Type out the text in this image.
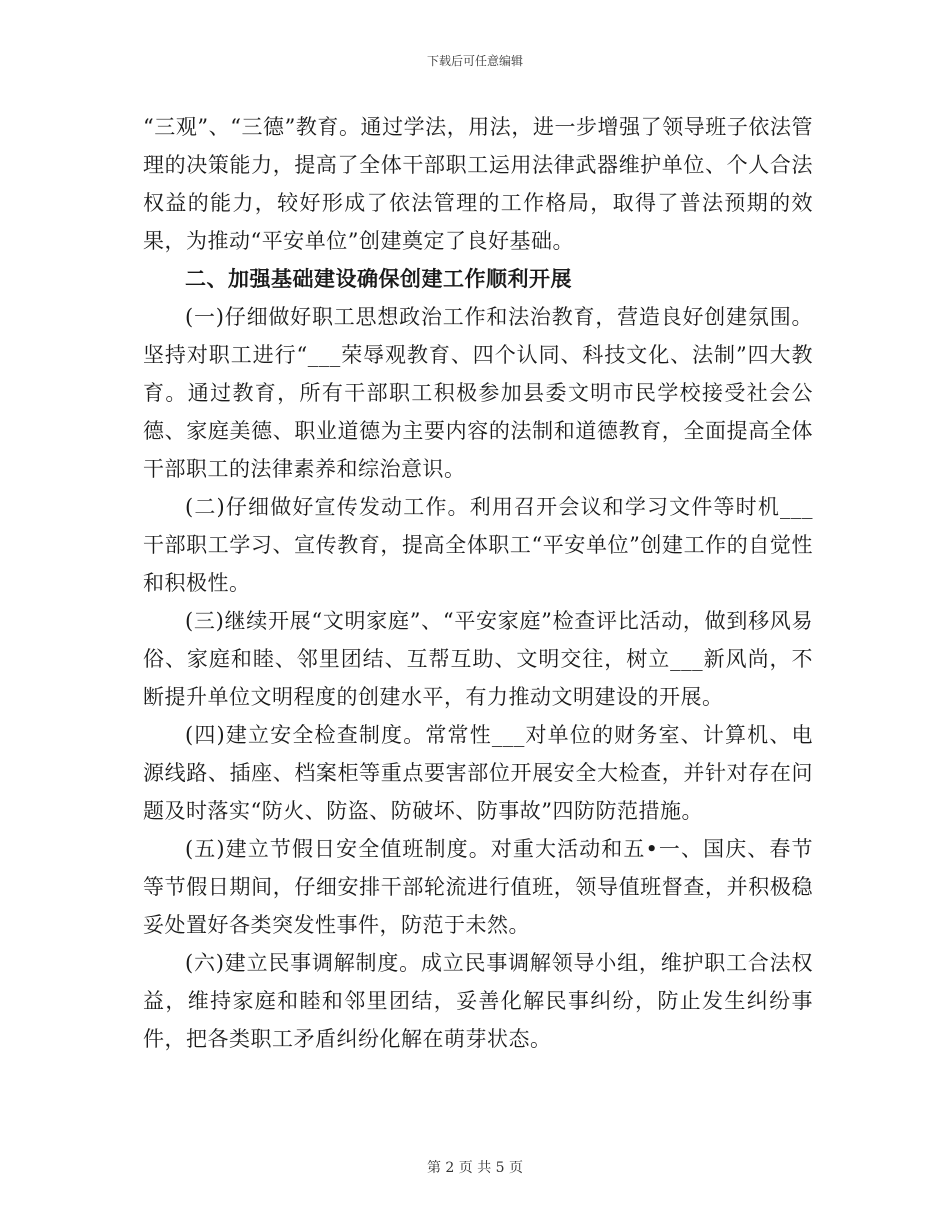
下载后可任意编辑

“三观”、“三德”教育。通过学法，用法，进一步增强了领导班子依法管理的决策能力，提高了全体干部职工运用法律武器维护单位、个人合法权益的能力，较好形成了依法管理的工作格局，取得了普法预期的效果，为推动“平安单位”创建奠定了良好基础。

二、加强基础建设确保创建工作顺利开展

(一)仔细做好职工思想政治工作和法治教育，营造良好创建氛围。坚持对职工进行“___荣辱观教育、四个认同、科技文化、法制”四大教育。通过教育，所有干部职工积极参加县委文明市民学校接受社会公德、家庭美德、职业道德为主要内容的法制和道德教育，全面提高全体干部职工的法律素养和综治意识。

(二)仔细做好宣传发动工作。利用召开会议和学习文件等时机___干部职工学习、宣传教育，提高全体职工“平安单位”创建工作的自觉性和积极性。

(三)继续开展“文明家庭”、“平安家庭”检查评比活动，做到移风易俗、家庭和睦、邻里团结、互帮互助、文明交往，树立___新风尚，不断提升单位文明程度的创建水平，有力推动文明建设的开展。

(四)建立安全检查制度。常常性___对单位的财务室、计算机、电源线路、插座、档案柜等重点要害部位开展安全大检查，并针对存在问题及时落实“防火、防盗、防破坏、防事故”四防防范措施。

(五)建立节假日安全值班制度。对重大活动和五•一、国庆、春节等节假日期间，仔细安排干部轮流进行值班，领导值班督查，并积极稳妥处置好各类突发性事件，防范于未然。

(六)建立民事调解制度。成立民事调解领导小组，维护职工合法权益，维持家庭和睦和邻里团结，妥善化解民事纠纷，防止发生纠纷事件，把各类职工矛盾纠纷化解在萌芽状态。

第 2 页 共 5 页
